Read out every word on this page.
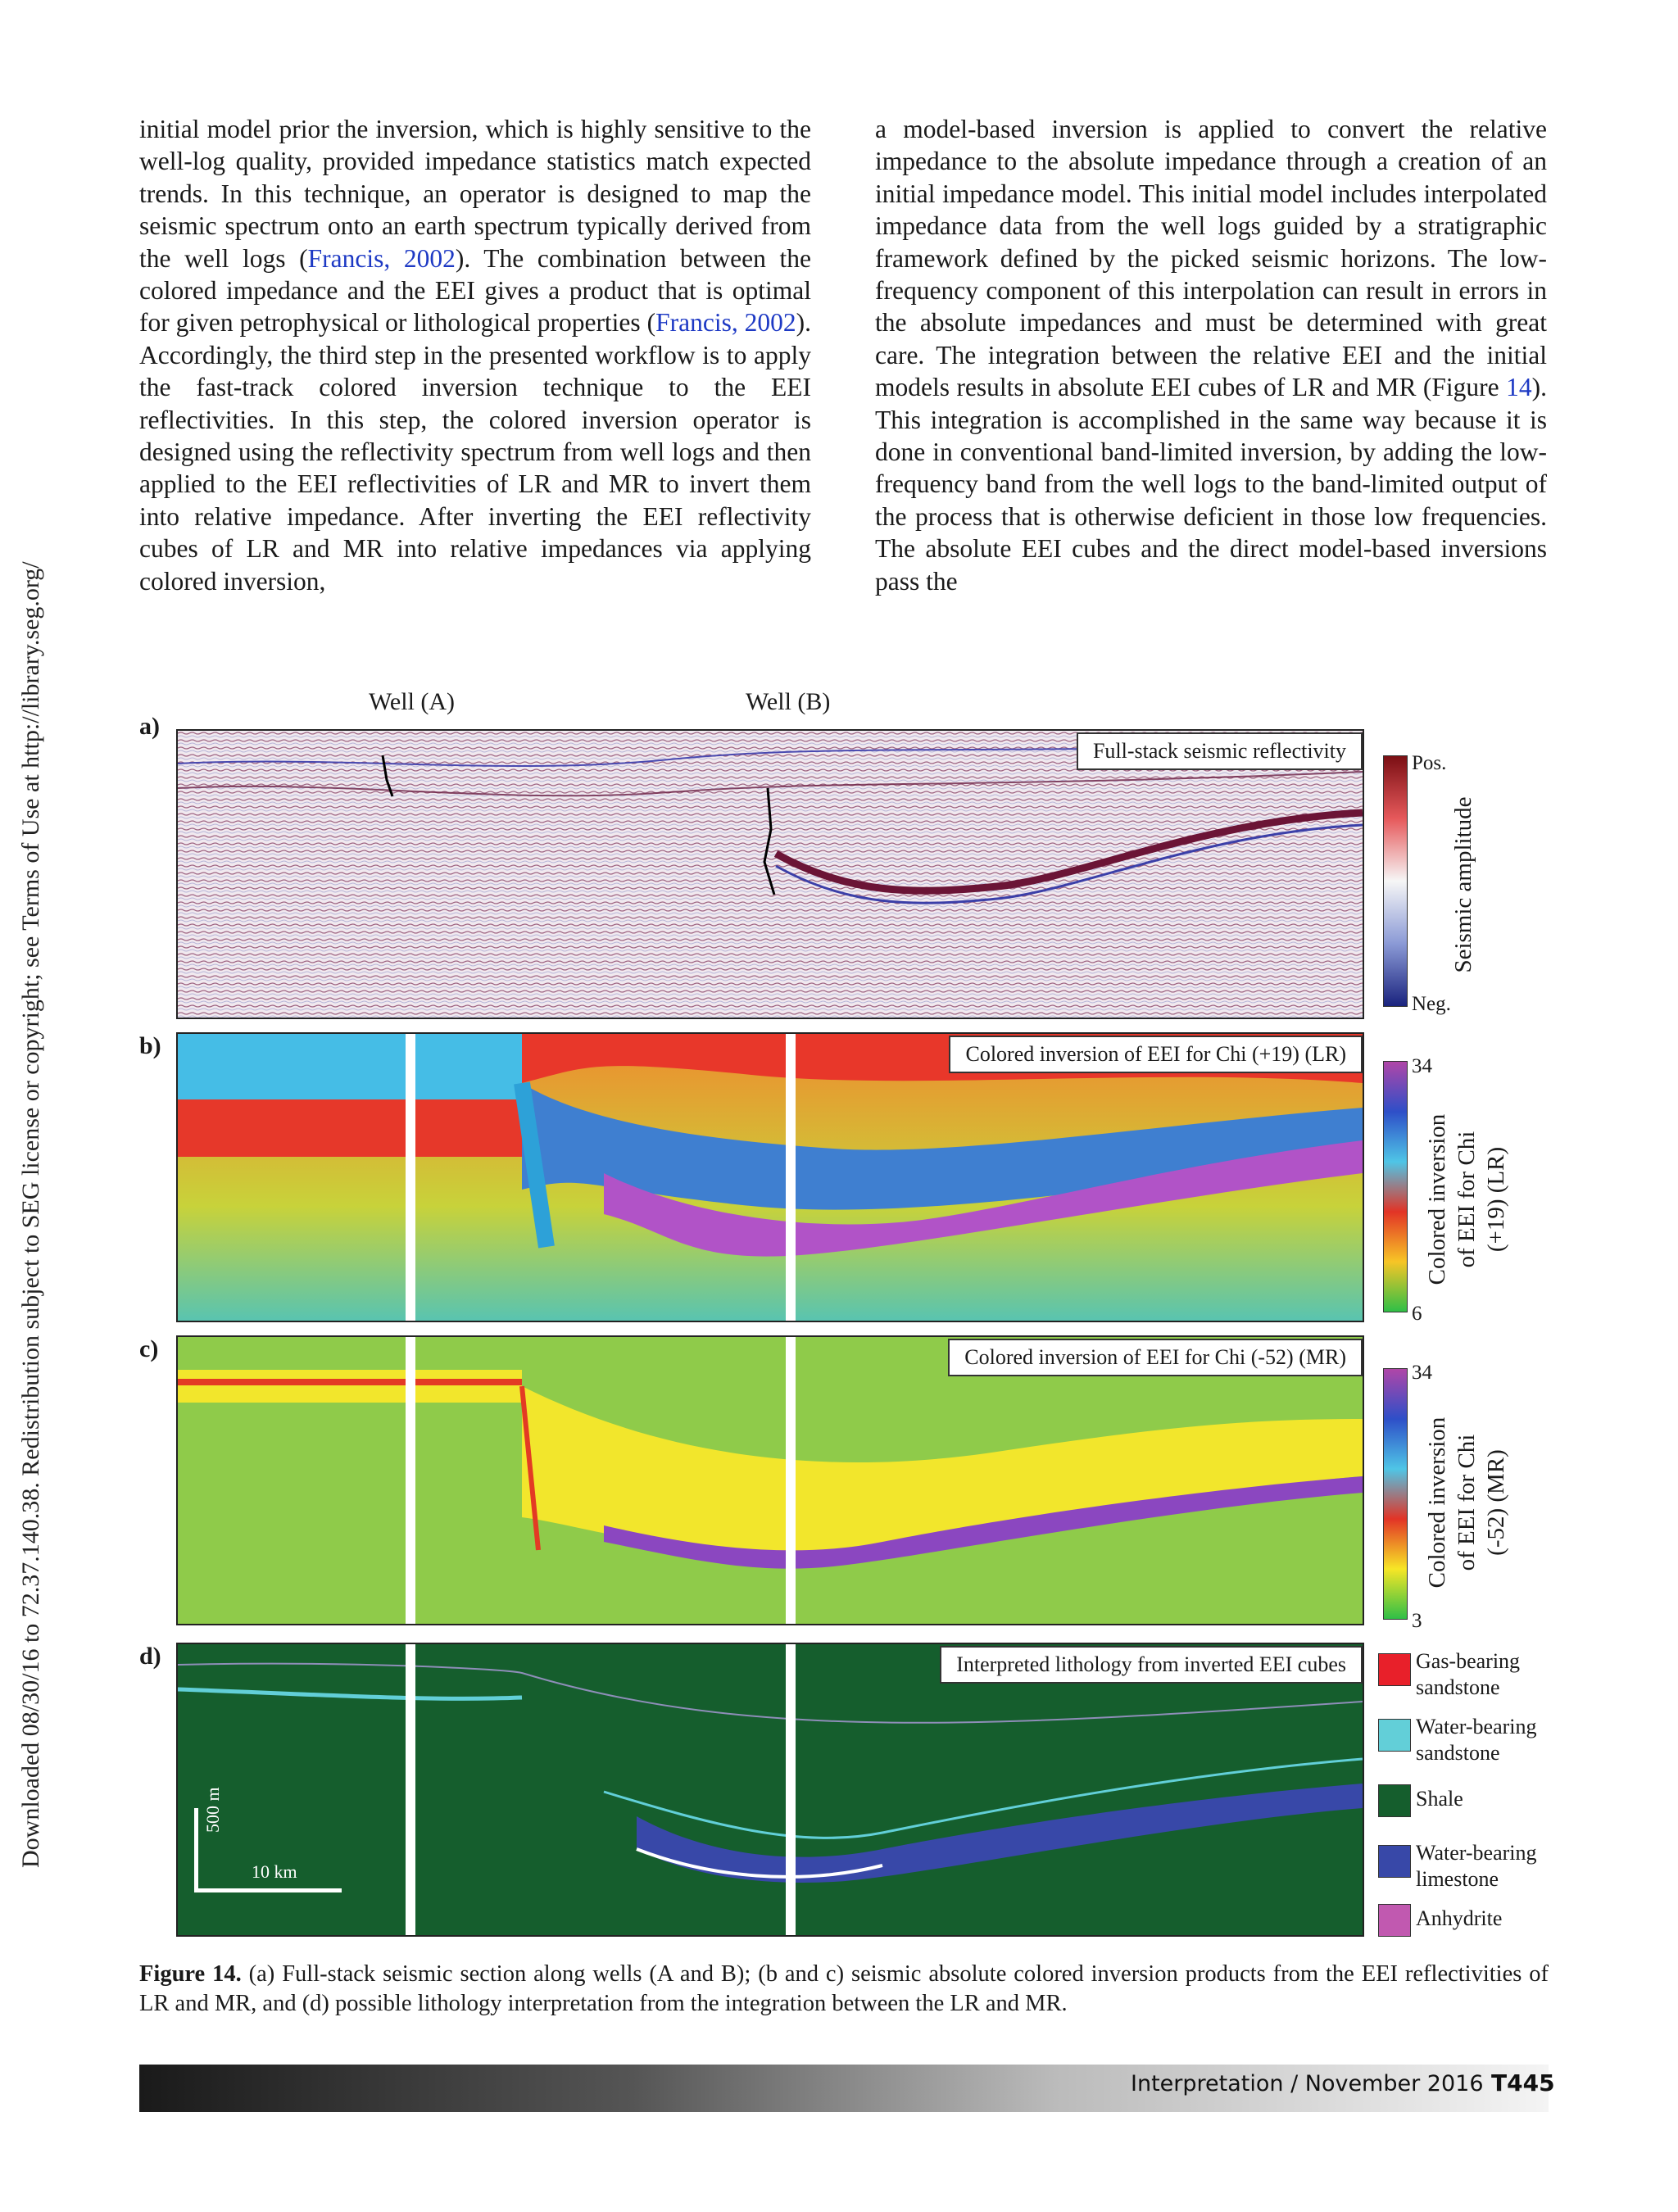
Downloaded 08/30/16 to 72.37.140.38. Redistribution subject to SEG license or copyright; see Terms of Use at http://library.seg.org/

initial model prior the inversion, which is highly sensitive to the well-log quality, provided impedance statistics match expected trends. In this technique, an operator is designed to map the seismic spectrum onto an earth spectrum typically derived from the well logs (Francis, 2002). The combination between the colored impedance and the EEI gives a product that is optimal for given petrophysical or lithological properties (Francis, 2002). Accordingly, the third step in the presented workflow is to apply the fast-track colored inversion technique to the EEI reflectivities. In this step, the colored inversion operator is designed using the reflectivity spectrum from well logs and then applied to the EEI reflectivities of LR and MR to invert them into relative impedance. After inverting the EEI reflectivity cubes of LR and MR into relative impedances via applying colored inversion,

a model-based inversion is applied to convert the relative impedance to the absolute impedance through a creation of an initial impedance model. This initial model includes interpolated impedance data from the well logs guided by a stratigraphic framework defined by the picked seismic horizons. The low-frequency component of this interpolation can result in errors in the absolute impedances and must be determined with great care. The integration between the relative EEI and the initial models results in absolute EEI cubes of LR and MR (Figure 14). This integration is accomplished in the same way because it is done in conventional band-limited inversion, by adding the low-frequency band from the well logs to the band-limited output of the process that is otherwise deficient in those low frequencies. The absolute EEI cubes and the direct model-based inversions pass the

Well (A)	Well (B)
a)
Full-stack seismic reflectivity
Pos.
Neg.
Seismic amplitude
b)	Colored inversion of EEI for Chi (+19) (LR)
34
6
Colored inversion of EEI for Chi (+19) (LR)
c)	Colored inversion of EEI for Chi (-52) (MR)
34
3
Colored inversion of EEI for Chi (-52) (MR)
d)	Interpreted lithology from inverted EEI cubes
500 m
10 km
Gas-bearing sandstone
Water-bearing sandstone
Shale
Water-bearing limestone
Anhydrite
Figure 14. (a) Full-stack seismic section along wells (A and B); (b and c) seismic absolute colored inversion products from the EEI reflectivities of LR and MR, and (d) possible lithology interpretation from the integration between the LR and MR.
T445
